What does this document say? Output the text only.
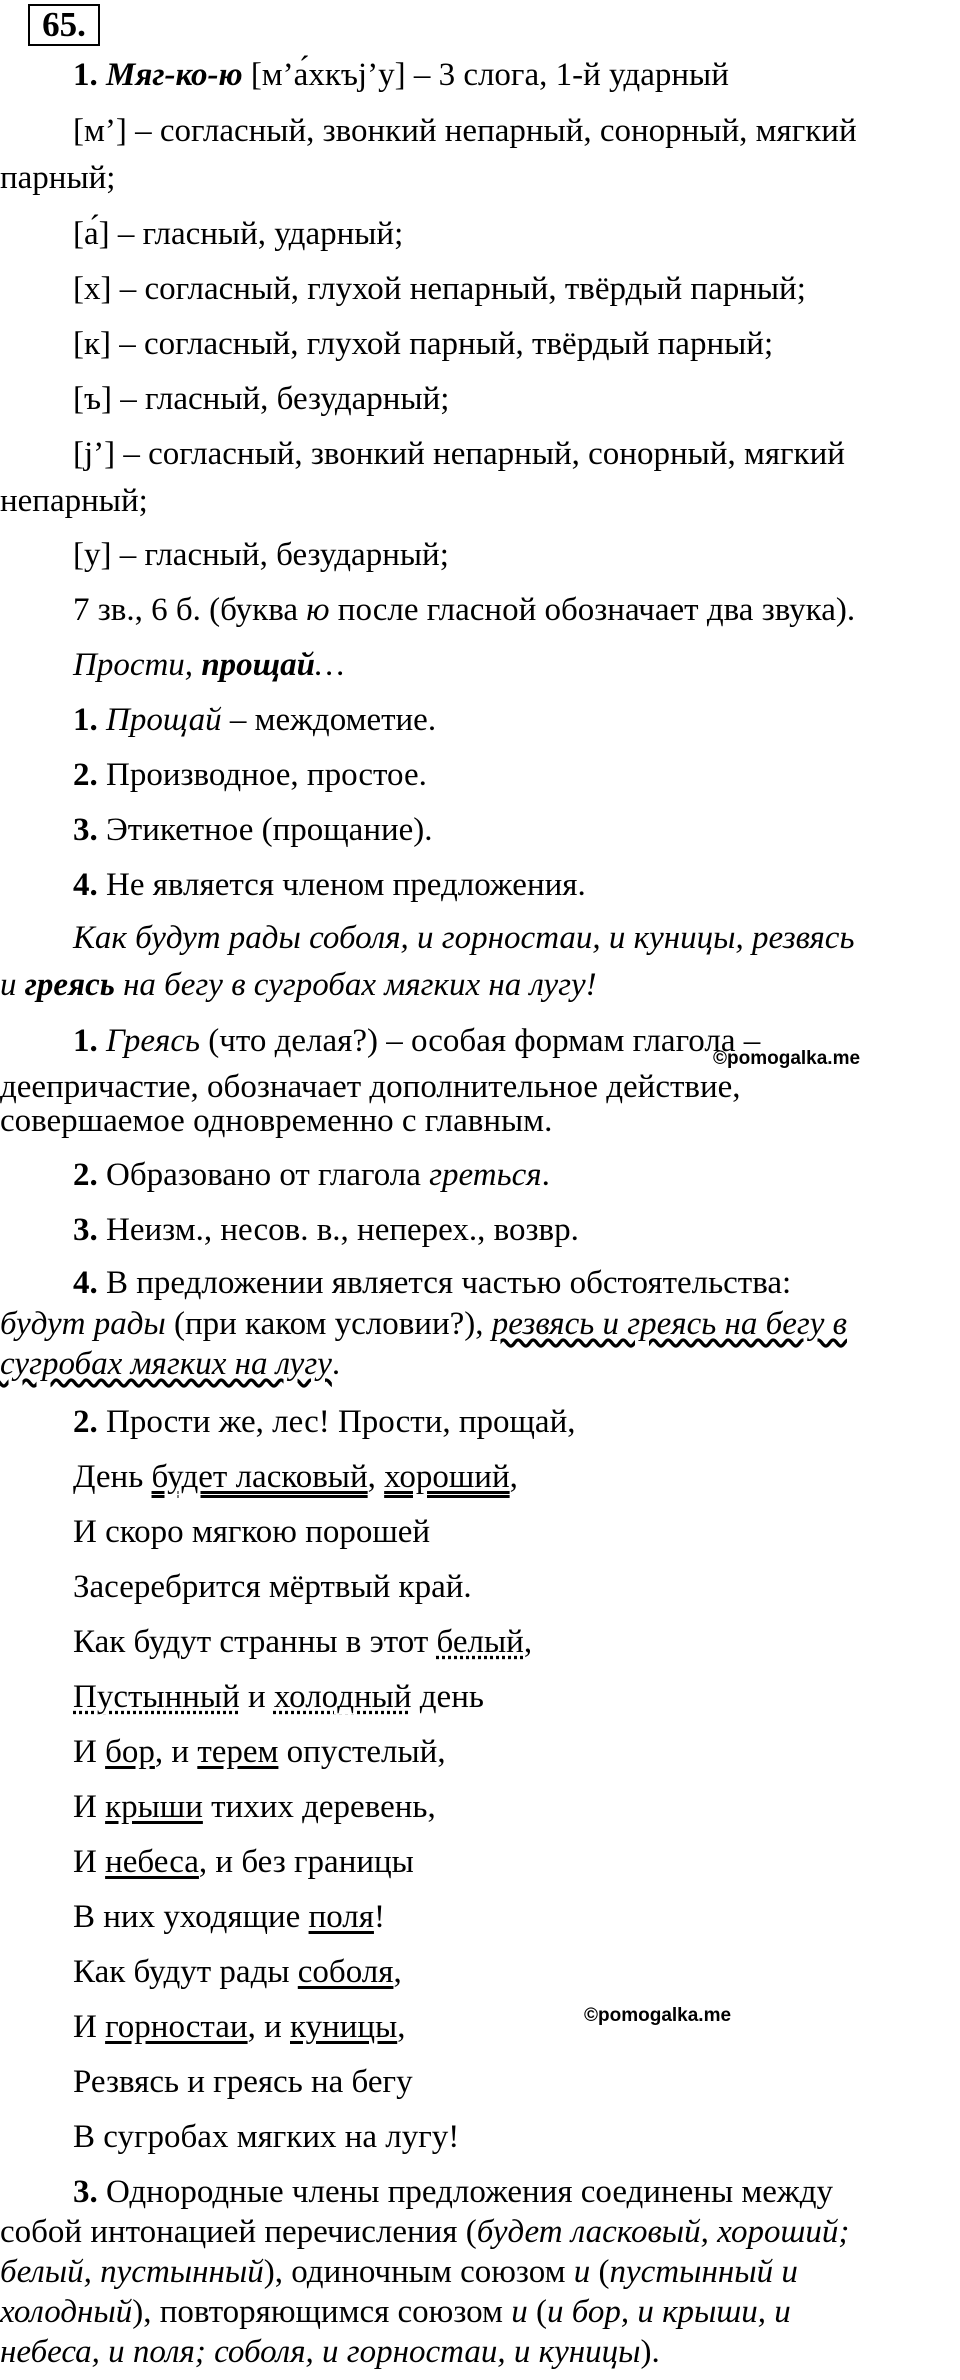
65.
1. Мяг-ко-ю [м’а́хкъj’у] – 3 слога, 1-й ударный
[м’] – согласный, звонкий непарный, сонорный, мягкий
парный;
[а́] – гласный, ударный;
[х] – согласный, глухой непарный, твёрдый парный;
[к] – согласный, глухой парный, твёрдый парный;
[ъ] – гласный, безударный;
[j’] – согласный, звонкий непарный, сонорный, мягкий
непарный;
[у] – гласный, безударный;
7 зв., 6 б. (буква ю после гласной обозначает два звука).
Прости, прощай…
1. Прощай – междометие.
2. Производное, простое.
3. Этикетное (прощание).
4. Не является членом предложения.
Как будут рады соболя, и горностаи, и куницы, резвясь
и греясь на бегу в сугробах мягких на лугу!
1. Греясь (что делая?) – особая формам глагола –
©pomogalka.me
деепричастие, обозначает дополнительное действие,
совершаемое одновременно с главным.
2. Образовано от глагола греться.
3. Неизм., несов. в., неперех., возвр.
4. В предложении является частью обстоятельства:
будут рады (при каком условии?), резвясь и греясь на бегу в
сугробах мягких на лугу.
2. Прости же, лес! Прости, прощай,
День будет ласковый, хороший,
И скоро мягкою порошей
Засеребрится мёртвый край.
Как будут странны в этот белый,
Пустынный и холодный день
И бор, и терем опустелый,
И крыши тихих деревень,
И небеса, и без границы
В них уходящие поля!
Как будут рады соболя,
И горностаи, и куницы,	©pomogalka.me
Резвясь и греясь на бегу
В сугробах мягких на лугу!
3. Однородные члены предложения соединены между
собой интонацией перечисления (будет ласковый, хороший;
белый, пустынный), одиночным союзом и (пустынный и
холодный), повторяющимся союзом и (и бор, и крыши, и
небеса, и поля; соболя, и горностаи, и куницы).
